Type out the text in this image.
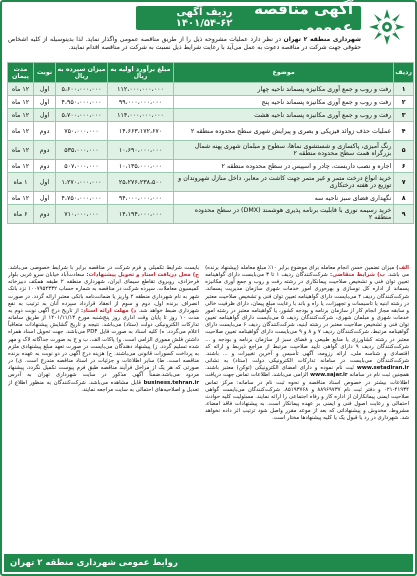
آگهی مناقصه عمومی
ردیف آگهی ۶۲-۱۴۰۱/۵۴
شهرداری منطقه ۲ تهران در نظر دارد عملیات مشروحه ذیل را از طریق مناقصه عمومی واگذار نماید. لذا بدینوسیله از کلیه اشخاص حقوقی جهت شرکت در مناقصه دعوت به عمل می‌آید با رعایت شرایط ذیل نسبت به شرکت در مناقصه اقدام نمایند.
ردیف	موضوع	مبلغ برآورد اولیه به ریال	میزان سپرده به ریال	نوبت	مدت پیمان
۱	رفت و روب و جمع آوری مکانیزه پسماند ناحیه چهار	۱۱۲،۰۰۰،۰۰۰،۰۰۰	۵،۶۰۰،۰۰۰،۰۰۰	اول	۱۲ ماه
۲	رفت و روب و جمع آوری مکانیزه پسماند ناحیه پنج	۹۹،۰۰۰،۰۰۰،۰۰۰	۴،۹۵۰،۰۰۰،۰۰۰	اول	۱۲ ماه
۳	رفت و روب و جمع آوری مکانیزه پسماند ناحیه هشت	۱۱۴،۰۰۰،۰۰۰،۰۰۰	۵،۷۰۰،۰۰۰،۰۰۰	اول	۱۲ ماه
۴	عملیات حذف زوائد فیزیکی و بصری و پیرایش شهری سطح محدوده منطقه ۲	۱۴،۶۶۳،۱۷۲،۶۷۰	۷۵۰،۰۰۰،۰۰۰	دوم	۱۲ ماه
۵	رنگ آمیزی، پاکسازی و شستشوی نماها، سطوح و مبلمان شهری پهنه شمال بزرگراه همت سطح محدوده منطقه ۲	۱۰،۶۹۰،۰۰۰،۰۰۰	۵۳۵،۰۰۰،۰۰۰	دوم	۱۲ ماه
۶	اجاره و نصب داربست، چادر و اسپیس در سطح محدوده منطقه ۲	۱۰،۱۳۵،۰۰۰،۰۰۰	۵۰۷،۰۰۰،۰۰۰	دوم	۱۲ ماه
۷	خرید انواع درخت متمر و غیر متمر جهت کاشت در معابر، داخل منازل شهروندان و توزیع در هفته درختکاری	۲۵،۲۷۶،۲۳۸،۵۰۰	۱،۲۷۰،۰۰۰،۰۰۰	اول	۱ ماه
۸	نگهداری فضای سبز ناحیه سه	۹۴،۰۰۰،۰۰۰،۰۰۰	۴،۷۵۰،۰۰۰،۰۰۰	اول	۱۲ ماه
۹	خرید رسیمه نوری با قابلیت برنامه پذیری هوشمند (DMX) در سطح محدوده منطقه ۲	۱۴،۱۹۴،۰۰۰،۰۰۰	۷۱۰،۰۰۰،۰۰۰	دوم	۶ ماه
الف) میزان تضمین حسن انجام معامله برای موضوع برابر ۱۰٪ مبلغ معامله (پیشنهاد برنده) می باشد. ب) شرایط متقاضی: شرکت‌کنندگان ردیف ۱ تا ۳ می‌بایست دارای گواهینامه تعیین توان فنی و تشخیص صلاحیت پیمانکاری در رشته رفت و روب و جمع آوری مکانیزه پسماند از اداره کل نوسازی و بهره‌وری امور خدمات شهری سازمان مدیریت پسماند، شرکت‌کنندگان ردیف ۴ می‌بایست دارای گواهینامه تعیین توان فنی و تشخیص صلاحیت معتبر در رشته ابنیه یا تاسیسات و تجهیزات، یا راه و باند با رعایت مبلغ پیمان، دارای ظرفیت خالی و سابقه مجاز انجام کار از سازمان برنامه و بودجه کشور، یا گواهینامه معتبر در رشته امور خدمات شهری و مبلمان شهری، شرکت‌کنندگان ردیف ۵ می‌بایست دارای گواهینامه تعیین توان فنی و تشخیص صلاحیت معتبر در رشته ابنیه، شرکت‌کنندگان ردیف ۶ می‌بایست دارای گواهینامه مرتبط، شرکت‌کنندگان ردیف ۷ و ۸ و ۹ می‌بایست دارای گواهینامه تعیین صلاحیت معتبر در رشته کشاورزی یا منابع طبیعی و فضای سبز از سازمان برنامه و بودجه و ... شرکت‌کنندگان ردیف ۹ دارای گواهی تأیید صلاحیت مرتبط از مراجع ذیربط و ارائه کد اقتصادی و شناسه ملی، ارائه رزومه، آگهی تأسیس و آخرین تغییرات و ... باشند. شرکت‌کنندگان می‌بایست در سامانه تدارکات الکترونیکی دولت (ستاد) به نشانی www.setadiran.ir ثبت نام نموده و دارای امضای الکترونیکی (توکن) معتبر باشند. همچنین ثبت نام در سامانه www.sajar.ir الزامی می‌باشد. اطلاعات تماس جهت دریافت اطلاعات بیشتر در خصوص اسناد مناقصه و نحوه ثبت نام در سامانه: مرکز تماس ۴۱۹۳۴-۰۲۱ و دفتر ثبت نام ۸۸۹۶۹۷۳۷ و ۸۵۱۹۳۷۶۸. شرکت‌کنندگان می‌بایست گواهی صلاحیت ایمنی پیمانکاران از اداره کار و رفاه اجتماعی را ارائه نمایند. مسئولیت کلیه حوادث احتمالی و رعایت اصول فنی و ایمنی بر عهده پیمانکار است. به پیشنهادات فاقد امضاء، مشروط، مخدوش و پیشنهاداتی که بعد از موعد مقرر واصل شود ترتیب اثر داده نخواهد شد. شهرداری در رد یا قبول یک یا کلیه پیشنهادها مختار است.
بایست شرایط تکمیلی و فرم شرکت در مناقصه برابر با شرایط خصوصی می‌باشد. ج) محل دریافت اسناد و تحویل پیشنهادات: سعادت‌آباد خیابان سرو غربی بلوار فرحزادی، روبروی تقاطع سیمای ایران، شهرداری منطقه ۲ طبقه همکف دبیرخانه کمیسیون معاملات. سپرده شرکت در مناقصه به شماره حساب ۱۰۰۷۹۵۴۳۳۲ نزد بانک شهر به نام شهرداری منطقه ۲ واریز یا ضمانت‌نامه بانکی معتبر ارائه گردد. در صورت انصراف برنده اول، دوم و سوم از انعقاد قرارداد سپرده آنان به ترتیب به نفع شهرداری ضبط خواهد شد. د) مهلت ارائه اسناد: از تاریخ درج آگهی نوبت دوم به مدت ۱۰ روز تا پایان وقت اداری روز پنج‌شنبه مورخ ۱۴۰۱/۱۱/۱۳ از طریق سامانه تدارکات الکترونیکی دولت (ستاد) می‌باشد. نتیجه و تاریخ گشایش پیشنهادات متعاقباً اعلام می‌گردد. ه) کلیه اسناد به صورت فایل PDF می‌باشد. جهت تحویل اسناد همراه داشتن فلش مموری الزامی است. و) پاکات الف، ب و ج به صورت جداگانه لاک و مهر شده تسلیم گردد. ز) پیشنهاد دهندگان می‌بایست در صورت تعهد مبلغ پیشنهادی ملزم به پرداخت کسورات قانونی می‌باشند. ح) هزینه درج آگهی در دو نوبت به عهده برنده مناقصه است. ط) سایر اطلاعات و جزئیات در اسناد مناقصه مندرج است. ی) در صورتی که هر یک از مراحل فرآیند مناقصه طبق فرم پیوست تکمیل نگردد، پیشنهاد مردود می‌باشد.ضمناً آگهی مذکور در سایت شهرداری تهران به آدرس business.tehran.ir قابل مشاهده می‌باشد. شرکت‌کنندگان به منظور اطلاع از تعدیل و اصلاحیه‌های احتمالی به سایت مراجعه نمایند.
روابط عمومی شهرداری منطقه ۲ تهران
